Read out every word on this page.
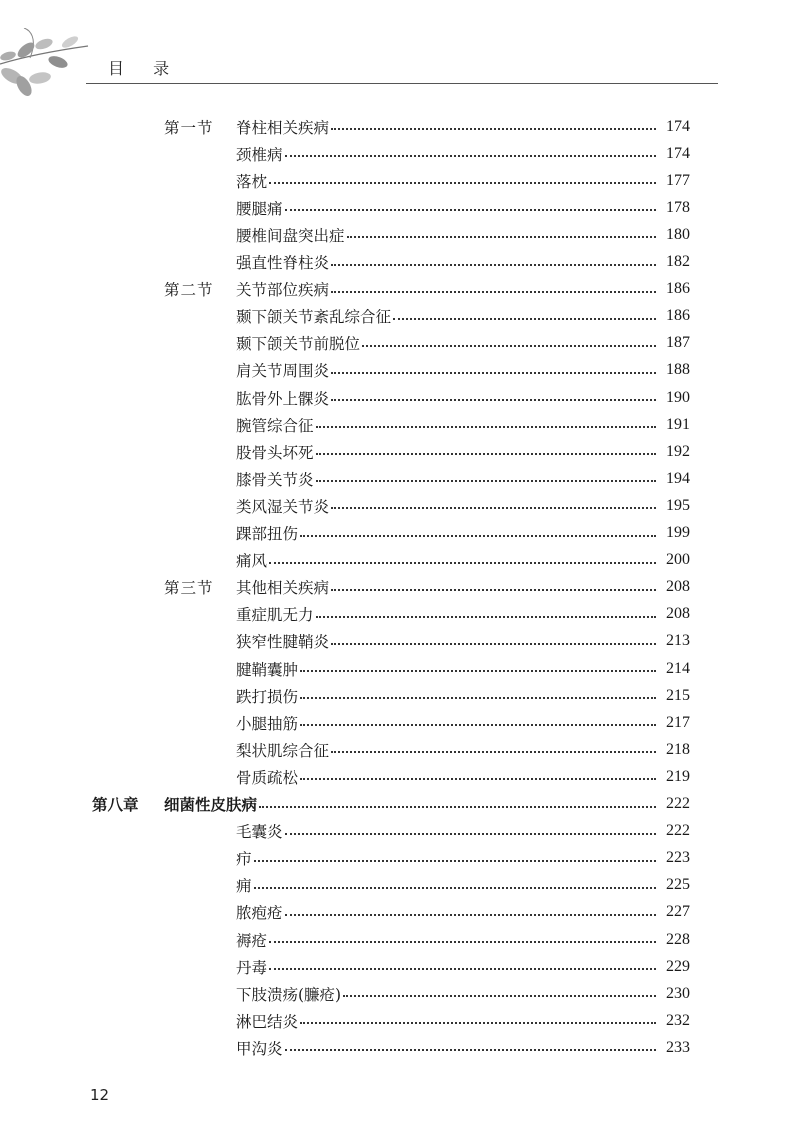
目 录
第一节	脊柱相关疾病	174
颈椎病	174
落枕	177
腰腿痛	178
腰椎间盘突出症	180
强直性脊柱炎	182
第二节	关节部位疾病	186
颞下颌关节紊乱综合征	186
颞下颌关节前脱位	187
肩关节周围炎	188
肱骨外上髁炎	190
腕管综合征	191
股骨头坏死	192
膝骨关节炎	194
类风湿关节炎	195
踝部扭伤	199
痛风	200
第三节	其他相关疾病	208
重症肌无力	208
狭窄性腱鞘炎	213
腱鞘囊肿	214
跌打损伤	215
小腿抽筋	217
梨状肌综合征	218
骨质疏松	219
第八章	细菌性皮肤病	222
毛囊炎	222
疖	223
痈	225
脓疱疮	227
褥疮	228
丹毒	229
下肢溃疡(臁疮)	230
淋巴结炎	232
甲沟炎	233
12
